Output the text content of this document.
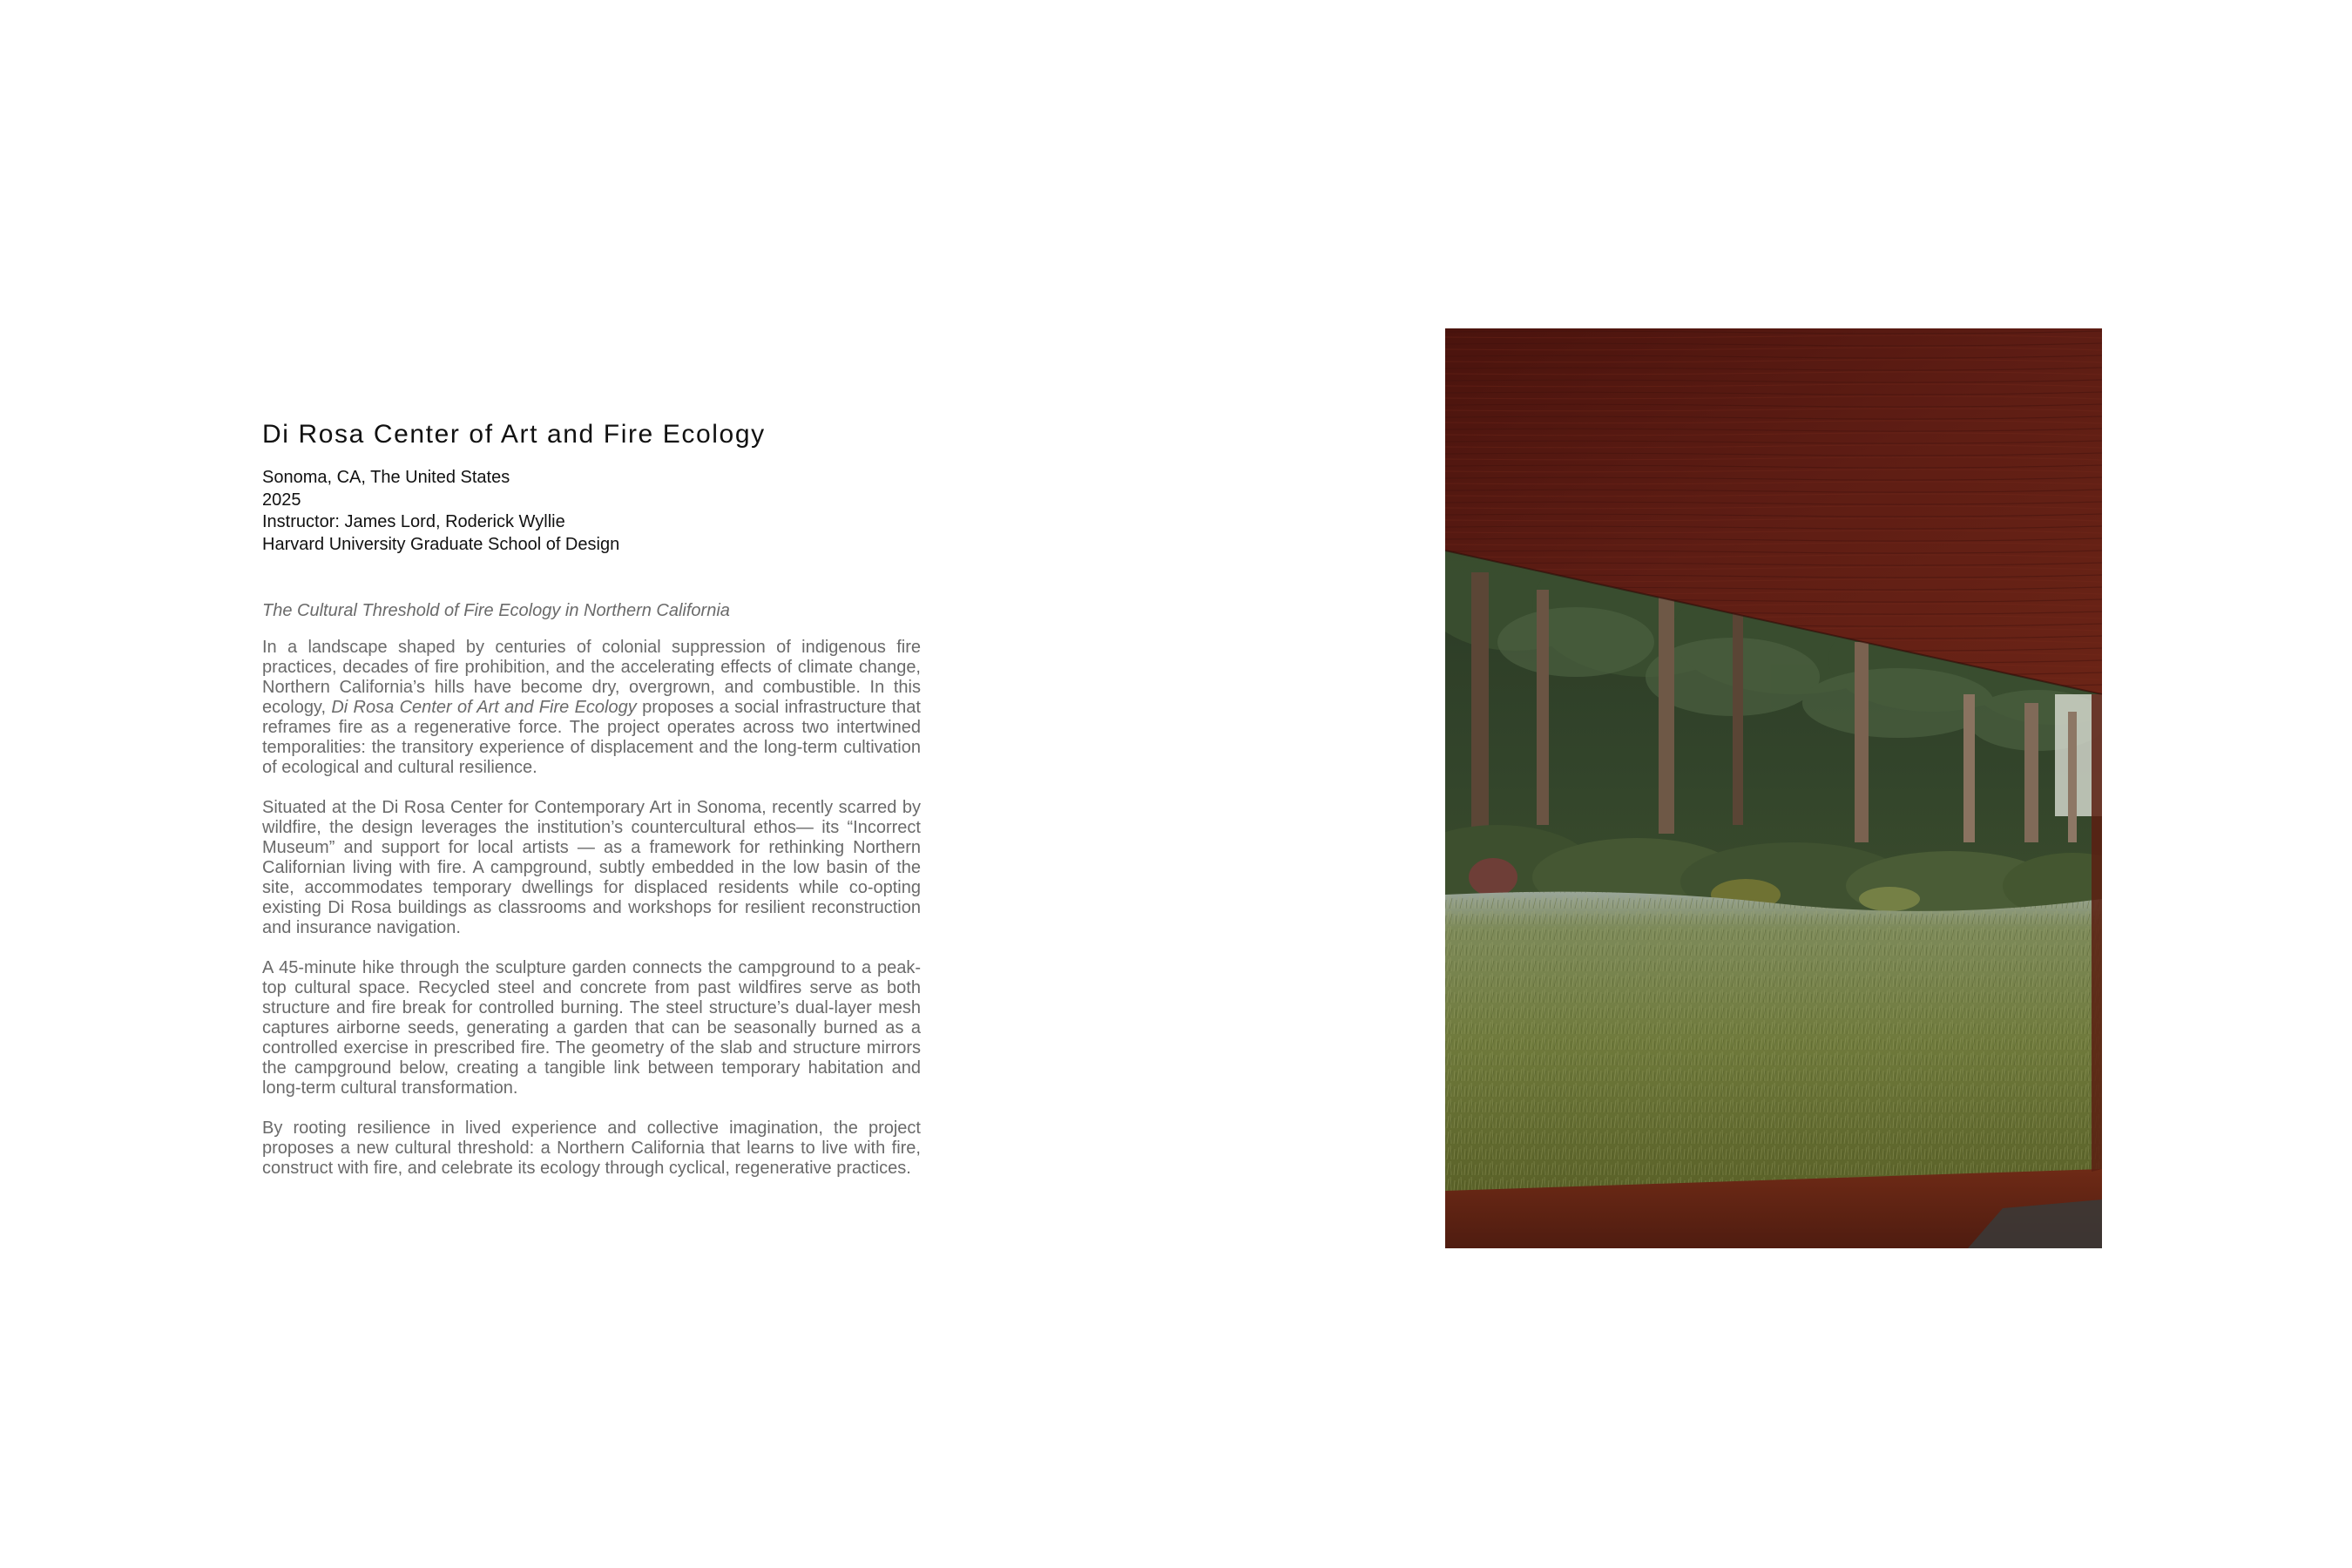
Di Rosa Center of Art and Fire Ecology
Sonoma, CA, The United States
2025
Instructor: James Lord, Roderick Wyllie
Harvard University Graduate School of Design
The Cultural Threshold of Fire Ecology in Northern California

In a landscape shaped by centuries of colonial suppression of indigenous fire practices, decades of fire prohibition, and the accelerating effects of climate change, Northern California’s hills have become dry, overgrown, and combustible. In this ecology, Di Rosa Center of Art and Fire Ecology proposes a social infrastructure that reframes fire as a regenerative force. The project operates across two intertwined temporalities: the transitory experience of displacement and the long-term cultivation of ecological and cultural resilience.

Situated at the Di Rosa Center for Contemporary Art in Sonoma, recently scarred by wildfire, the design leverages the institution’s countercultural ethos— its “Incorrect Museum” and support for local artists — as a framework for rethinking Northern Californian living with fire. A campground, subtly embedded in the low basin of the site, accommodates temporary dwellings for displaced residents while co-opting existing Di Rosa buildings as classrooms and workshops for resilient reconstruction and insurance navigation.

A 45-minute hike through the sculpture garden connects the campground to a peak-top cultural space. Recycled steel and concrete from past wildfires serve as both structure and fire break for controlled burning. The steel structure’s dual-layer mesh captures airborne seeds, generating a garden that can be seasonally burned as a controlled exercise in prescribed fire. The geometry of the slab and structure mirrors the campground below, creating a tangible link between temporary habitation and long-term cultural transformation.

By rooting resilience in lived experience and collective imagination, the project proposes a new cultural threshold: a Northern California that learns to live with fire, construct with fire, and celebrate its ecology through cyclical, regenerative practices.
